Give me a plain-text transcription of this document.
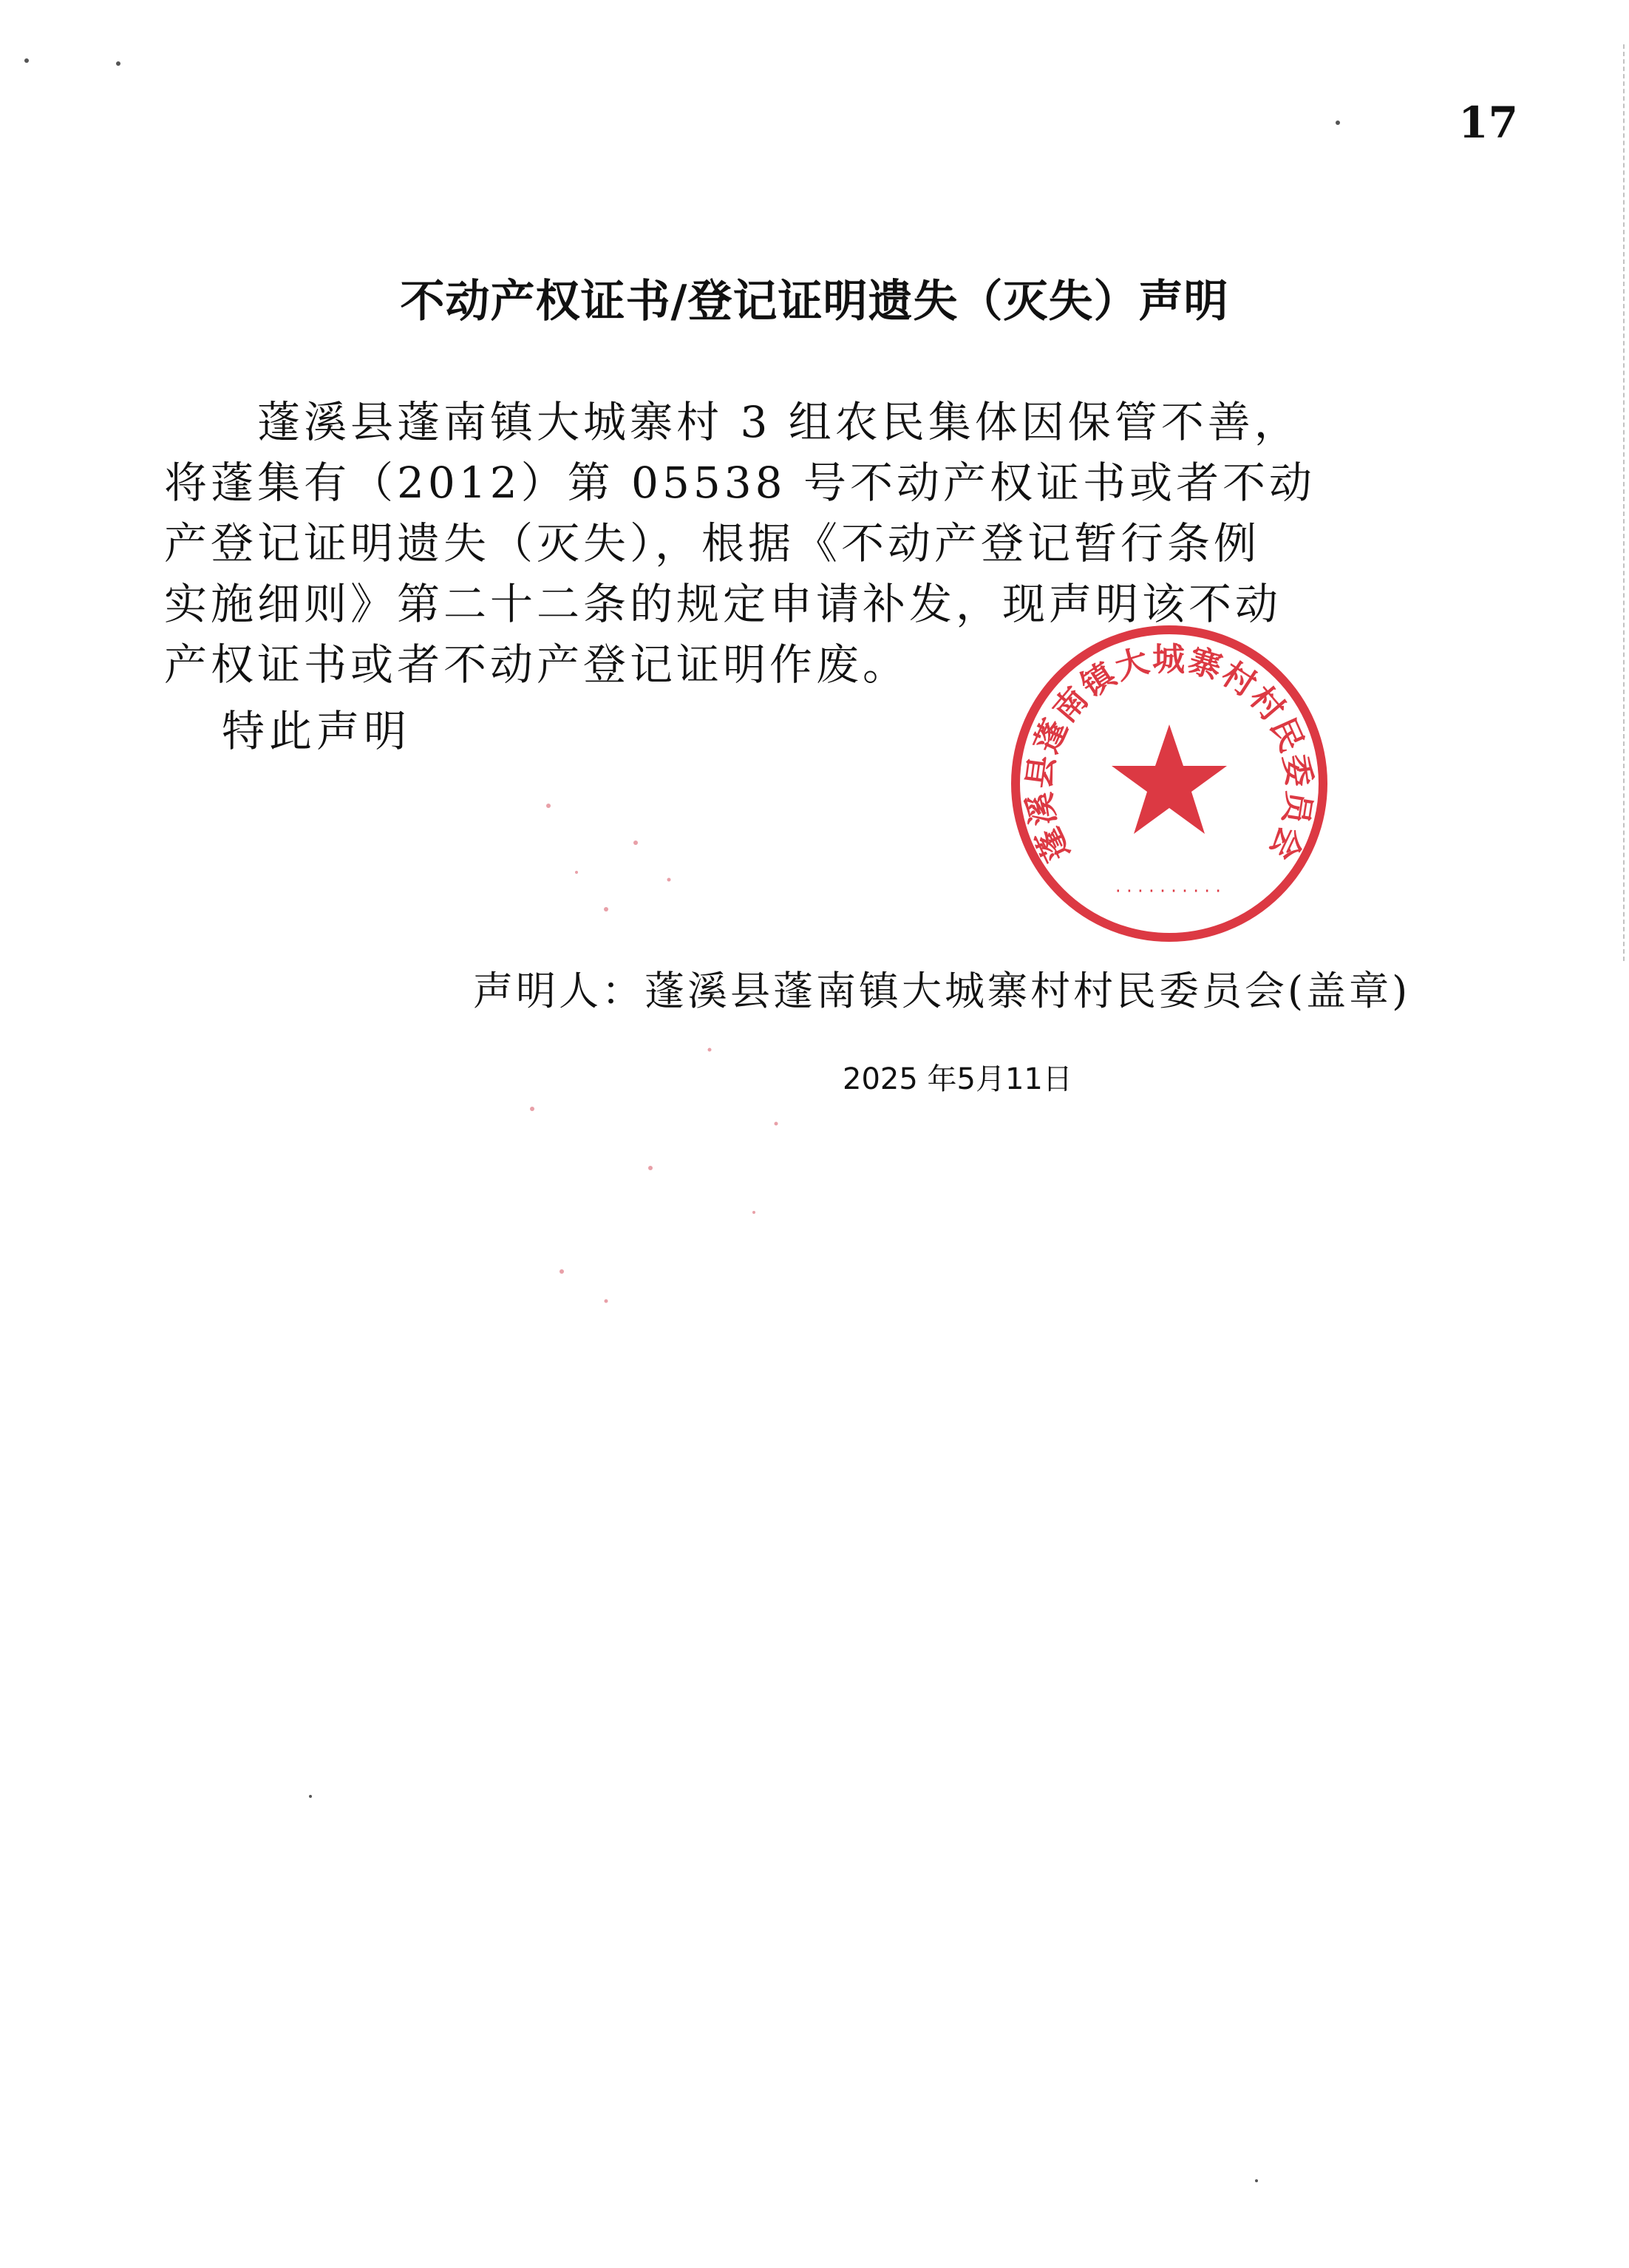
17
不动产权证书/登记证明遗失（灭失）声明
　　蓬溪县蓬南镇大城寨村 3 组农民集体因保管不善，
将蓬集有（2012）第 05538 号不动产权证书或者不动
产登记证明遗失（灭失），根据《不动产登记暂行条例
实施细则》第二十二条的规定申请补发，现声明该不动
产权证书或者不动产登记证明作废。
特此声明
蓬溪县蓬南镇大城寨村村民委员会
··········
声明人：蓬溪县蓬南镇大城寨村村民委员会(盖章)
2025 年5月11日
